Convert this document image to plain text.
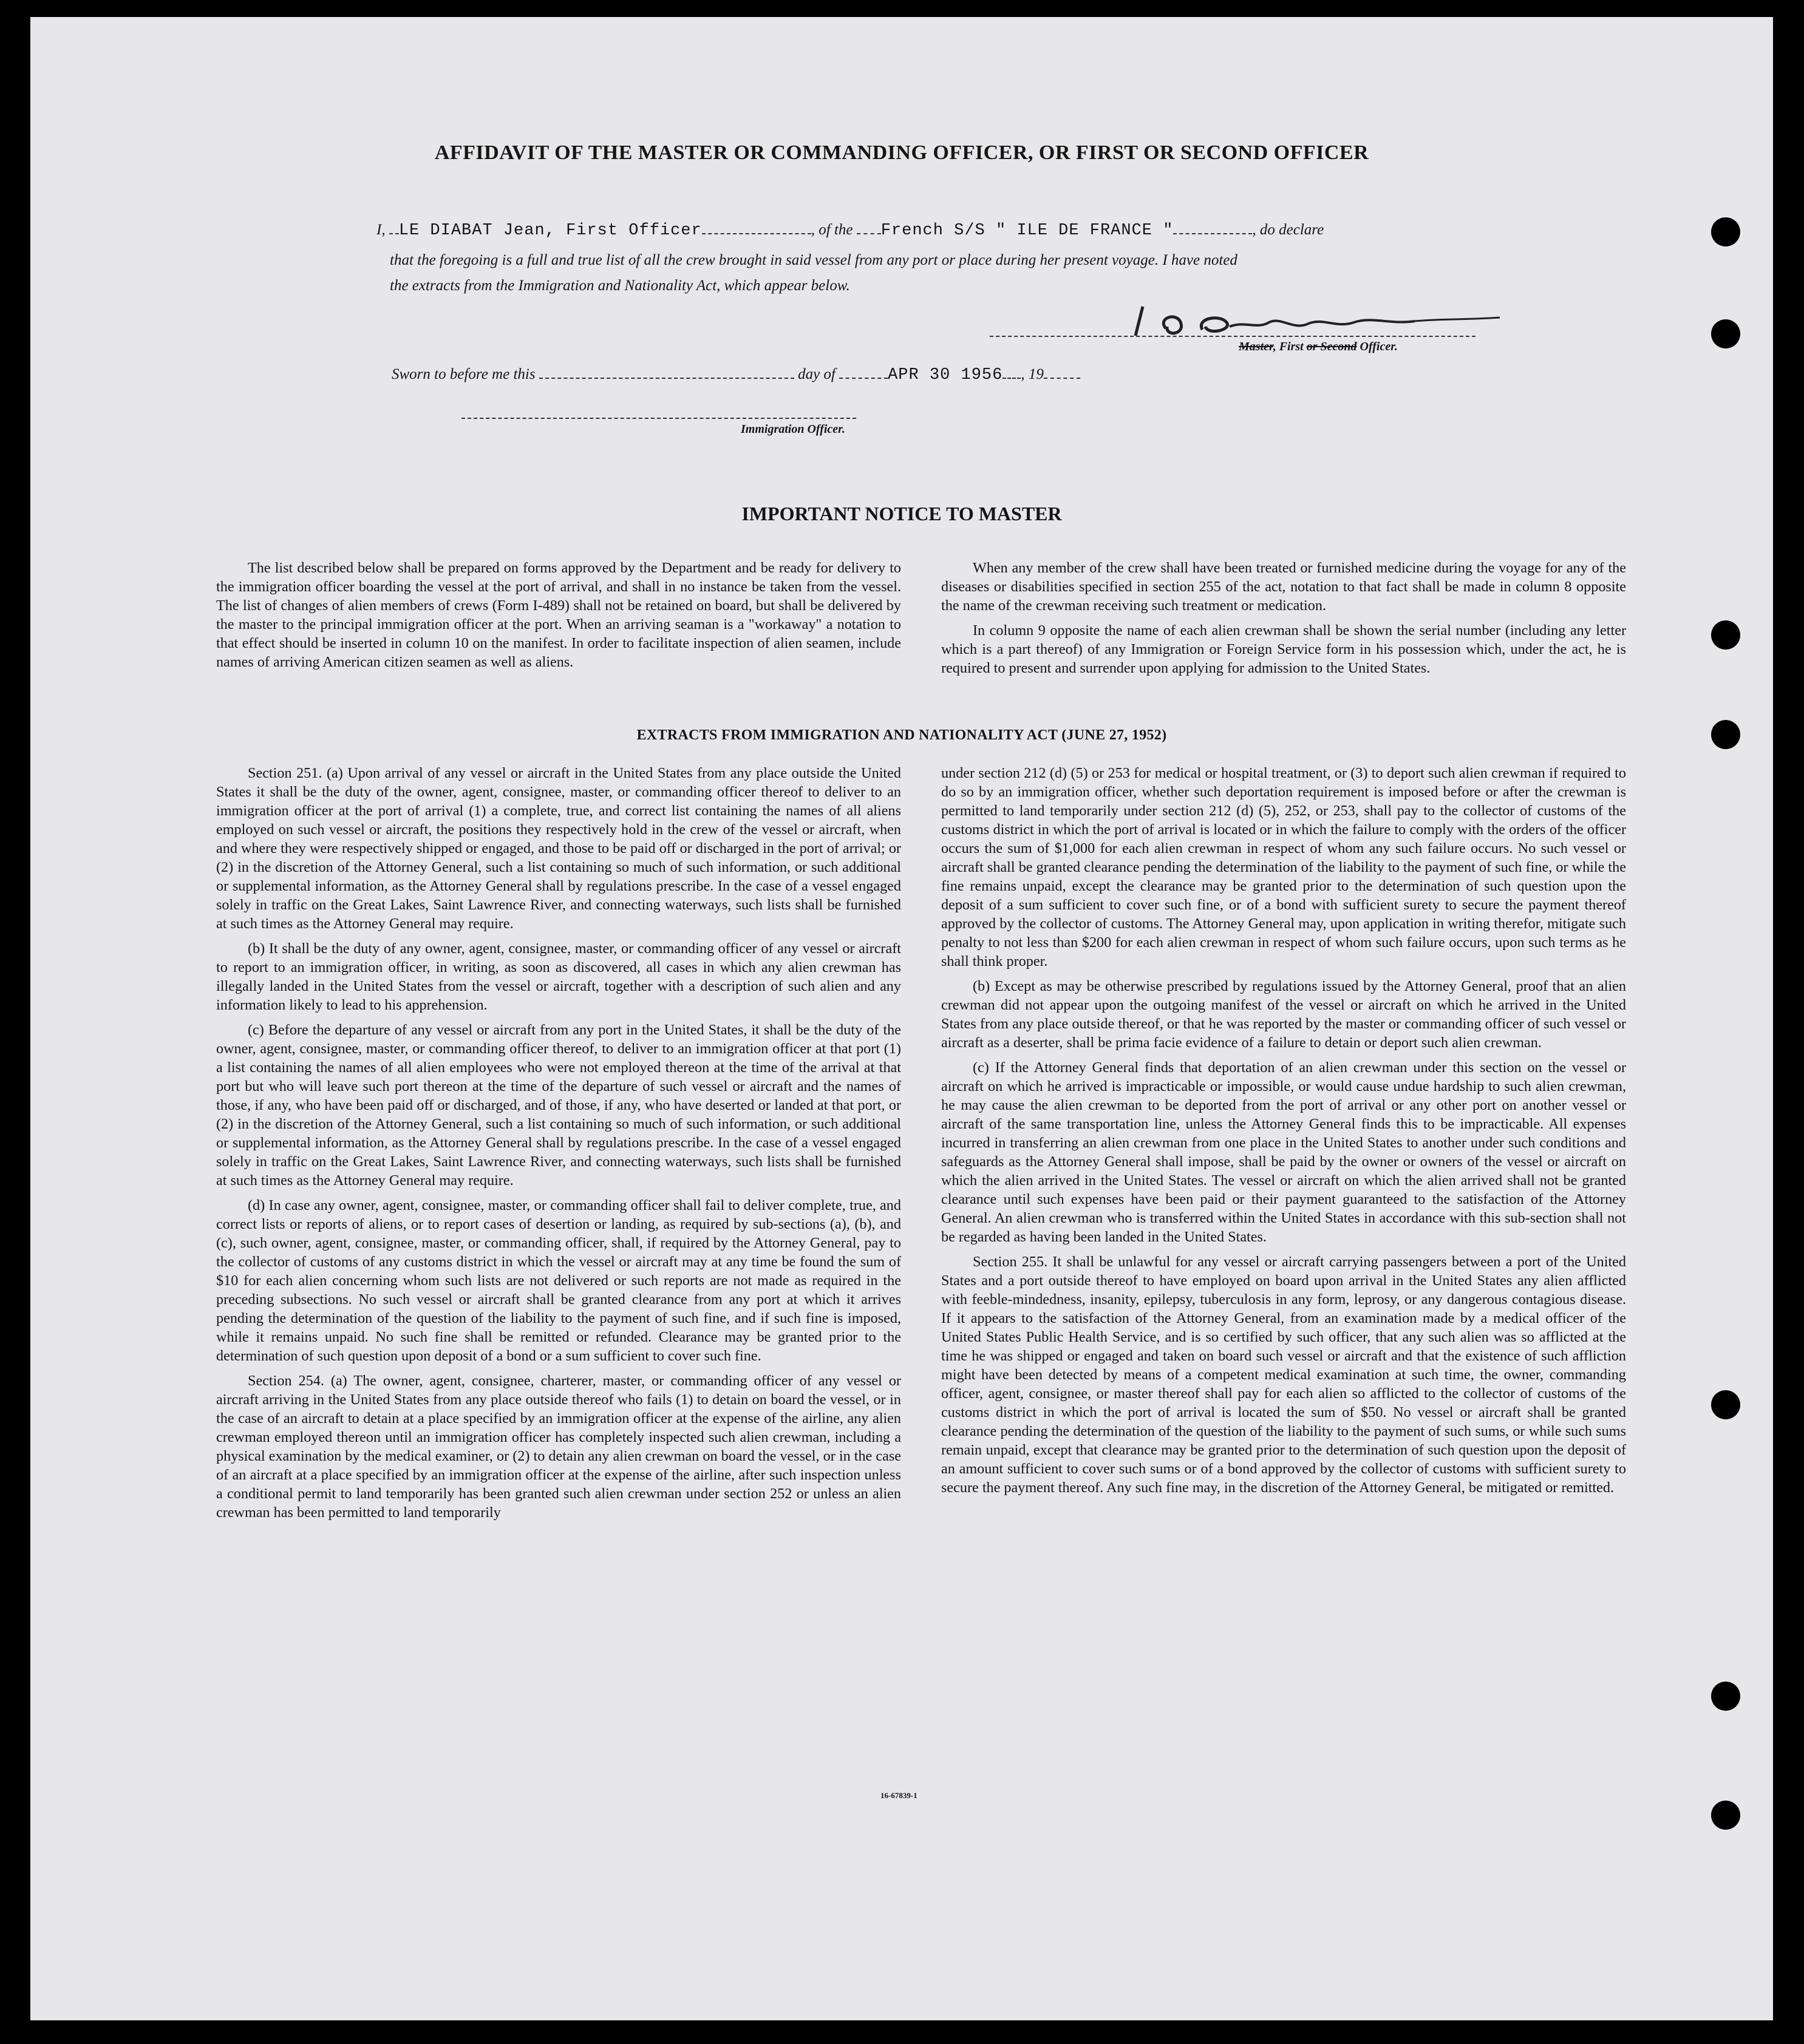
AFFIDAVIT OF THE MASTER OR COMMANDING OFFICER, OR FIRST OR SECOND OFFICER
I, LE DIABAT Jean, First Officer	, of the French S/S " ILE DE FRANCE "	, do declare
that the foregoing is a full and true list of all the crew brought in said vessel from any port or place during her present voyage. I have noted
the extracts from the Immigration and Nationality Act, which appear below.
Master, First or Second Officer.
Sworn to before me this	day of	APR 30 1956 , 19
Immigration Officer.
IMPORTANT NOTICE TO MASTER

The list described below shall be prepared on forms approved by the Department and be ready for delivery to the immigration officer boarding the vessel at the port of arrival, and shall in no instance be taken from the vessel. The list of changes of alien members of crews (Form I-489) shall not be retained on board, but shall be delivered by the master to the principal immigration officer at the port. When an arriving seaman is a "workaway" a notation to that effect should be inserted in column 10 on the manifest. In order to facilitate inspection of alien seamen, include names of arriving American citizen seamen as well as aliens.

When any member of the crew shall have been treated or furnished medicine during the voyage for any of the diseases or disabilities specified in section 255 of the act, notation to that fact shall be made in column 8 opposite the name of the crewman receiving such treatment or medication.

In column 9 opposite the name of each alien crewman shall be shown the serial number (including any letter which is a part thereof) of any Immigration or Foreign Service form in his possession which, under the act, he is required to present and surrender upon applying for admission to the United States.

EXTRACTS FROM IMMIGRATION AND NATIONALITY ACT (JUNE 27, 1952)

Section 251. (a) Upon arrival of any vessel or aircraft in the United States from any place outside the United States it shall be the duty of the owner, agent, consignee, master, or commanding officer thereof to deliver to an immigration officer at the port of arrival (1) a complete, true, and correct list containing the names of all aliens employed on such vessel or aircraft, the positions they respectively hold in the crew of the vessel or aircraft, when and where they were respectively shipped or engaged, and those to be paid off or discharged in the port of arrival; or (2) in the discretion of the Attorney General, such a list containing so much of such information, or such additional or supplemental information, as the Attorney General shall by regulations prescribe. In the case of a vessel engaged solely in traffic on the Great Lakes, Saint Lawrence River, and connecting waterways, such lists shall be furnished at such times as the Attorney General may require.

(b) It shall be the duty of any owner, agent, consignee, master, or commanding officer of any vessel or aircraft to report to an immigration officer, in writing, as soon as discovered, all cases in which any alien crewman has illegally landed in the United States from the vessel or aircraft, together with a description of such alien and any information likely to lead to his apprehension.

(c) Before the departure of any vessel or aircraft from any port in the United States, it shall be the duty of the owner, agent, consignee, master, or commanding officer thereof, to deliver to an immigration officer at that port (1) a list containing the names of all alien employees who were not employed thereon at the time of the arrival at that port but who will leave such port thereon at the time of the departure of such vessel or aircraft and the names of those, if any, who have been paid off or discharged, and of those, if any, who have deserted or landed at that port, or (2) in the discretion of the Attorney General, such a list containing so much of such information, or such additional or supplemental information, as the Attorney General shall by regulations prescribe. In the case of a vessel engaged solely in traffic on the Great Lakes, Saint Lawrence River, and connecting waterways, such lists shall be furnished at such times as the Attorney General may require.

(d) In case any owner, agent, consignee, master, or commanding officer shall fail to deliver complete, true, and correct lists or reports of aliens, or to report cases of desertion or landing, as required by sub-sections (a), (b), and (c), such owner, agent, consignee, master, or commanding officer, shall, if required by the Attorney General, pay to the collector of customs of any customs district in which the vessel or aircraft may at any time be found the sum of $10 for each alien concerning whom such lists are not delivered or such reports are not made as required in the preceding subsections. No such vessel or aircraft shall be granted clearance from any port at which it arrives pending the determination of the question of the liability to the payment of such fine, and if such fine is imposed, while it remains unpaid. No such fine shall be remitted or refunded. Clearance may be granted prior to the determination of such question upon deposit of a bond or a sum sufficient to cover such fine.

Section 254. (a) The owner, agent, consignee, charterer, master, or commanding officer of any vessel or aircraft arriving in the United States from any place outside thereof who fails (1) to detain on board the vessel, or in the case of an aircraft to detain at a place specified by an immigration officer at the expense of the airline, any alien crewman employed thereon until an immigration officer has completely inspected such alien crewman, including a physical examination by the medical examiner, or (2) to detain any alien crewman on board the vessel, or in the case of an aircraft at a place specified by an immigration officer at the expense of the airline, after such inspection unless a conditional permit to land temporarily has been granted such alien crewman under section 252 or unless an alien crewman has been permitted to land temporarily

under section 212 (d) (5) or 253 for medical or hospital treatment, or (3) to deport such alien crewman if required to do so by an immigration officer, whether such deportation requirement is imposed before or after the crewman is permitted to land temporarily under section 212 (d) (5), 252, or 253, shall pay to the collector of customs of the customs district in which the port of arrival is located or in which the failure to comply with the orders of the officer occurs the sum of $1,000 for each alien crewman in respect of whom any such failure occurs. No such vessel or aircraft shall be granted clearance pending the determination of the liability to the payment of such fine, or while the fine remains unpaid, except the clearance may be granted prior to the determination of such question upon the deposit of a sum sufficient to cover such fine, or of a bond with sufficient surety to secure the payment thereof approved by the collector of customs. The Attorney General may, upon application in writing therefor, mitigate such penalty to not less than $200 for each alien crewman in respect of whom such failure occurs, upon such terms as he shall think proper.

(b) Except as may be otherwise prescribed by regulations issued by the Attorney General, proof that an alien crewman did not appear upon the outgoing manifest of the vessel or aircraft on which he arrived in the United States from any place outside thereof, or that he was reported by the master or commanding officer of such vessel or aircraft as a deserter, shall be prima facie evidence of a failure to detain or deport such alien crewman.

(c) If the Attorney General finds that deportation of an alien crewman under this section on the vessel or aircraft on which he arrived is impracticable or impossible, or would cause undue hardship to such alien crewman, he may cause the alien crewman to be deported from the port of arrival or any other port on another vessel or aircraft of the same transportation line, unless the Attorney General finds this to be impracticable. All expenses incurred in transferring an alien crewman from one place in the United States to another under such conditions and safeguards as the Attorney General shall impose, shall be paid by the owner or owners of the vessel or aircraft on which the alien arrived in the United States. The vessel or aircraft on which the alien arrived shall not be granted clearance until such expenses have been paid or their payment guaranteed to the satisfaction of the Attorney General. An alien crewman who is transferred within the United States in accordance with this sub-section shall not be regarded as having been landed in the United States.

Section 255. It shall be unlawful for any vessel or aircraft carrying passengers between a port of the United States and a port outside thereof to have employed on board upon arrival in the United States any alien afflicted with feeble-mindedness, insanity, epilepsy, tuberculosis in any form, leprosy, or any dangerous contagious disease. If it appears to the satisfaction of the Attorney General, from an examination made by a medical officer of the United States Public Health Service, and is so certified by such officer, that any such alien was so afflicted at the time he was shipped or engaged and taken on board such vessel or aircraft and that the existence of such affliction might have been detected by means of a competent medical examination at such time, the owner, commanding officer, agent, consignee, or master thereof shall pay for each alien so afflicted to the collector of customs of the customs district in which the port of arrival is located the sum of $50. No vessel or aircraft shall be granted clearance pending the determination of the question of the liability to the payment of such sums, or while such sums remain unpaid, except that clearance may be granted prior to the determination of such question upon the deposit of an amount sufficient to cover such sums or of a bond approved by the collector of customs with sufficient surety to secure the payment thereof. Any such fine may, in the discretion of the Attorney General, be mitigated or remitted.

16-67839-1
